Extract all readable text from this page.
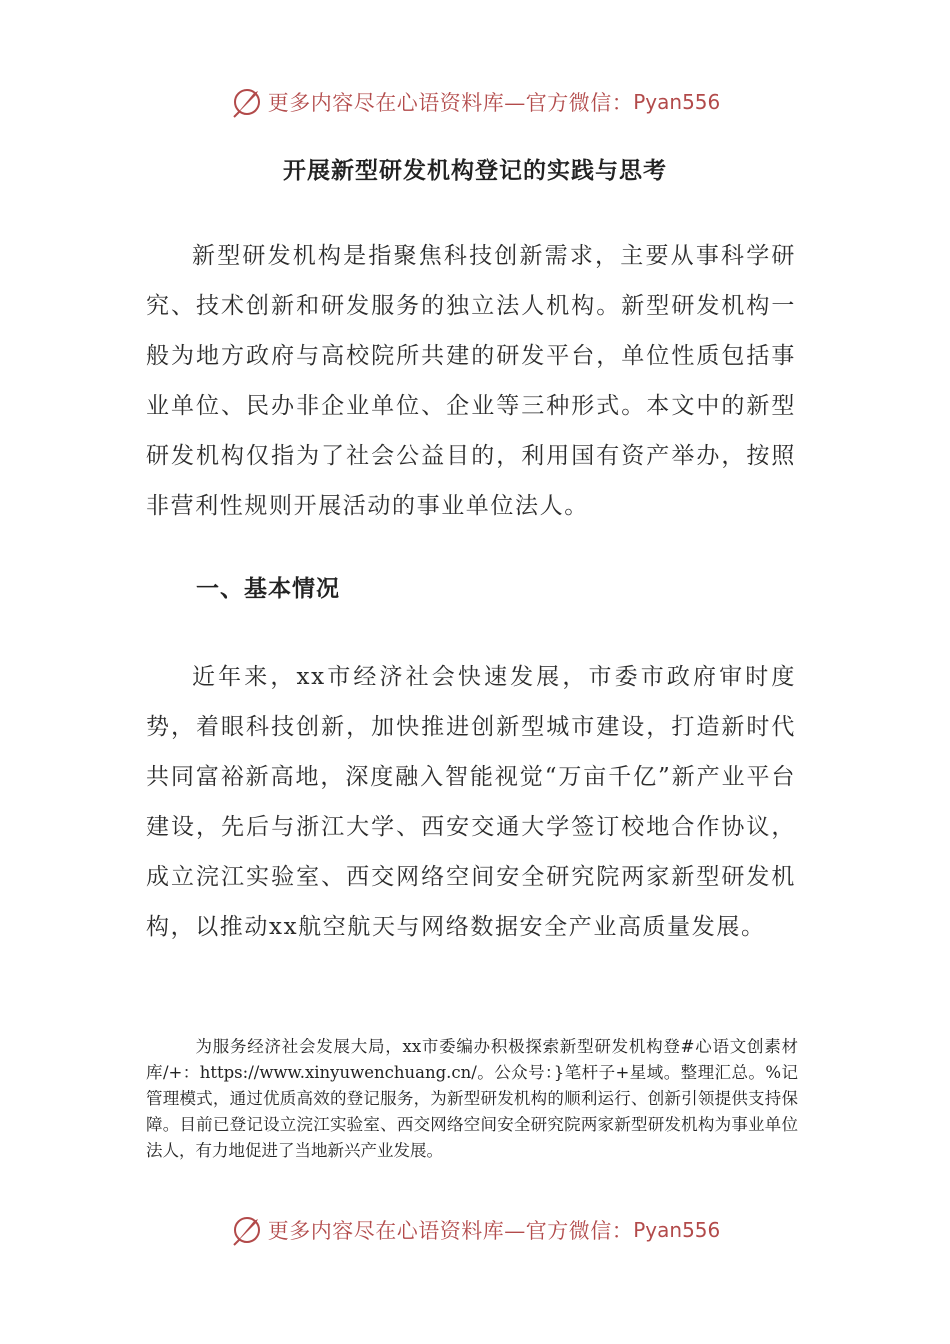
更多内容尽在心语资料库—官方微信： Pyan556
开展新型研发机构登记的实践与思考
新型研发机构是指聚焦科技创新需求，主要从事科学研究、技术创新和研发服务的独立法人机构。新型研发机构一般为地方政府与高校院所共建的研发平台，单位性质包括事业单位、民办非企业单位、企业等三种形式。本文中的新型研发机构仅指为了社会公益目的，利用国有资产举办，按照非营利性规则开展活动的事业单位法人。
一、基本情况
近年来，xx市经济社会快速发展，市委市政府审时度势，着眼科技创新，加快推进创新型城市建设，打造新时代共同富裕新高地，深度融入智能视觉“万亩千亿”新产业平台建设，先后与浙江大学、西安交通大学签订校地合作协议，成立浣江实验室、西交网络空间安全研究院两家新型研发机构，以推动xx航空航天与网络数据安全产业高质量发展。
为服务经济社会发展大局，xx市委编办积极探索新型研发机构登#心语文创素材库/+：https://www.xinyuwenchuang.cn/。公众号：}笔杆子+星域。整理汇总。%记管理模式，通过优质高效的登记服务，为新型研发机构的顺利运行、创新引领提供支持保障。目前已登记设立浣江实验室、西交网络空间安全研究院两家新型研发机构为事业单位法人，有力地促进了当地新兴产业发展。
更多内容尽在心语资料库—官方微信： Pyan556
